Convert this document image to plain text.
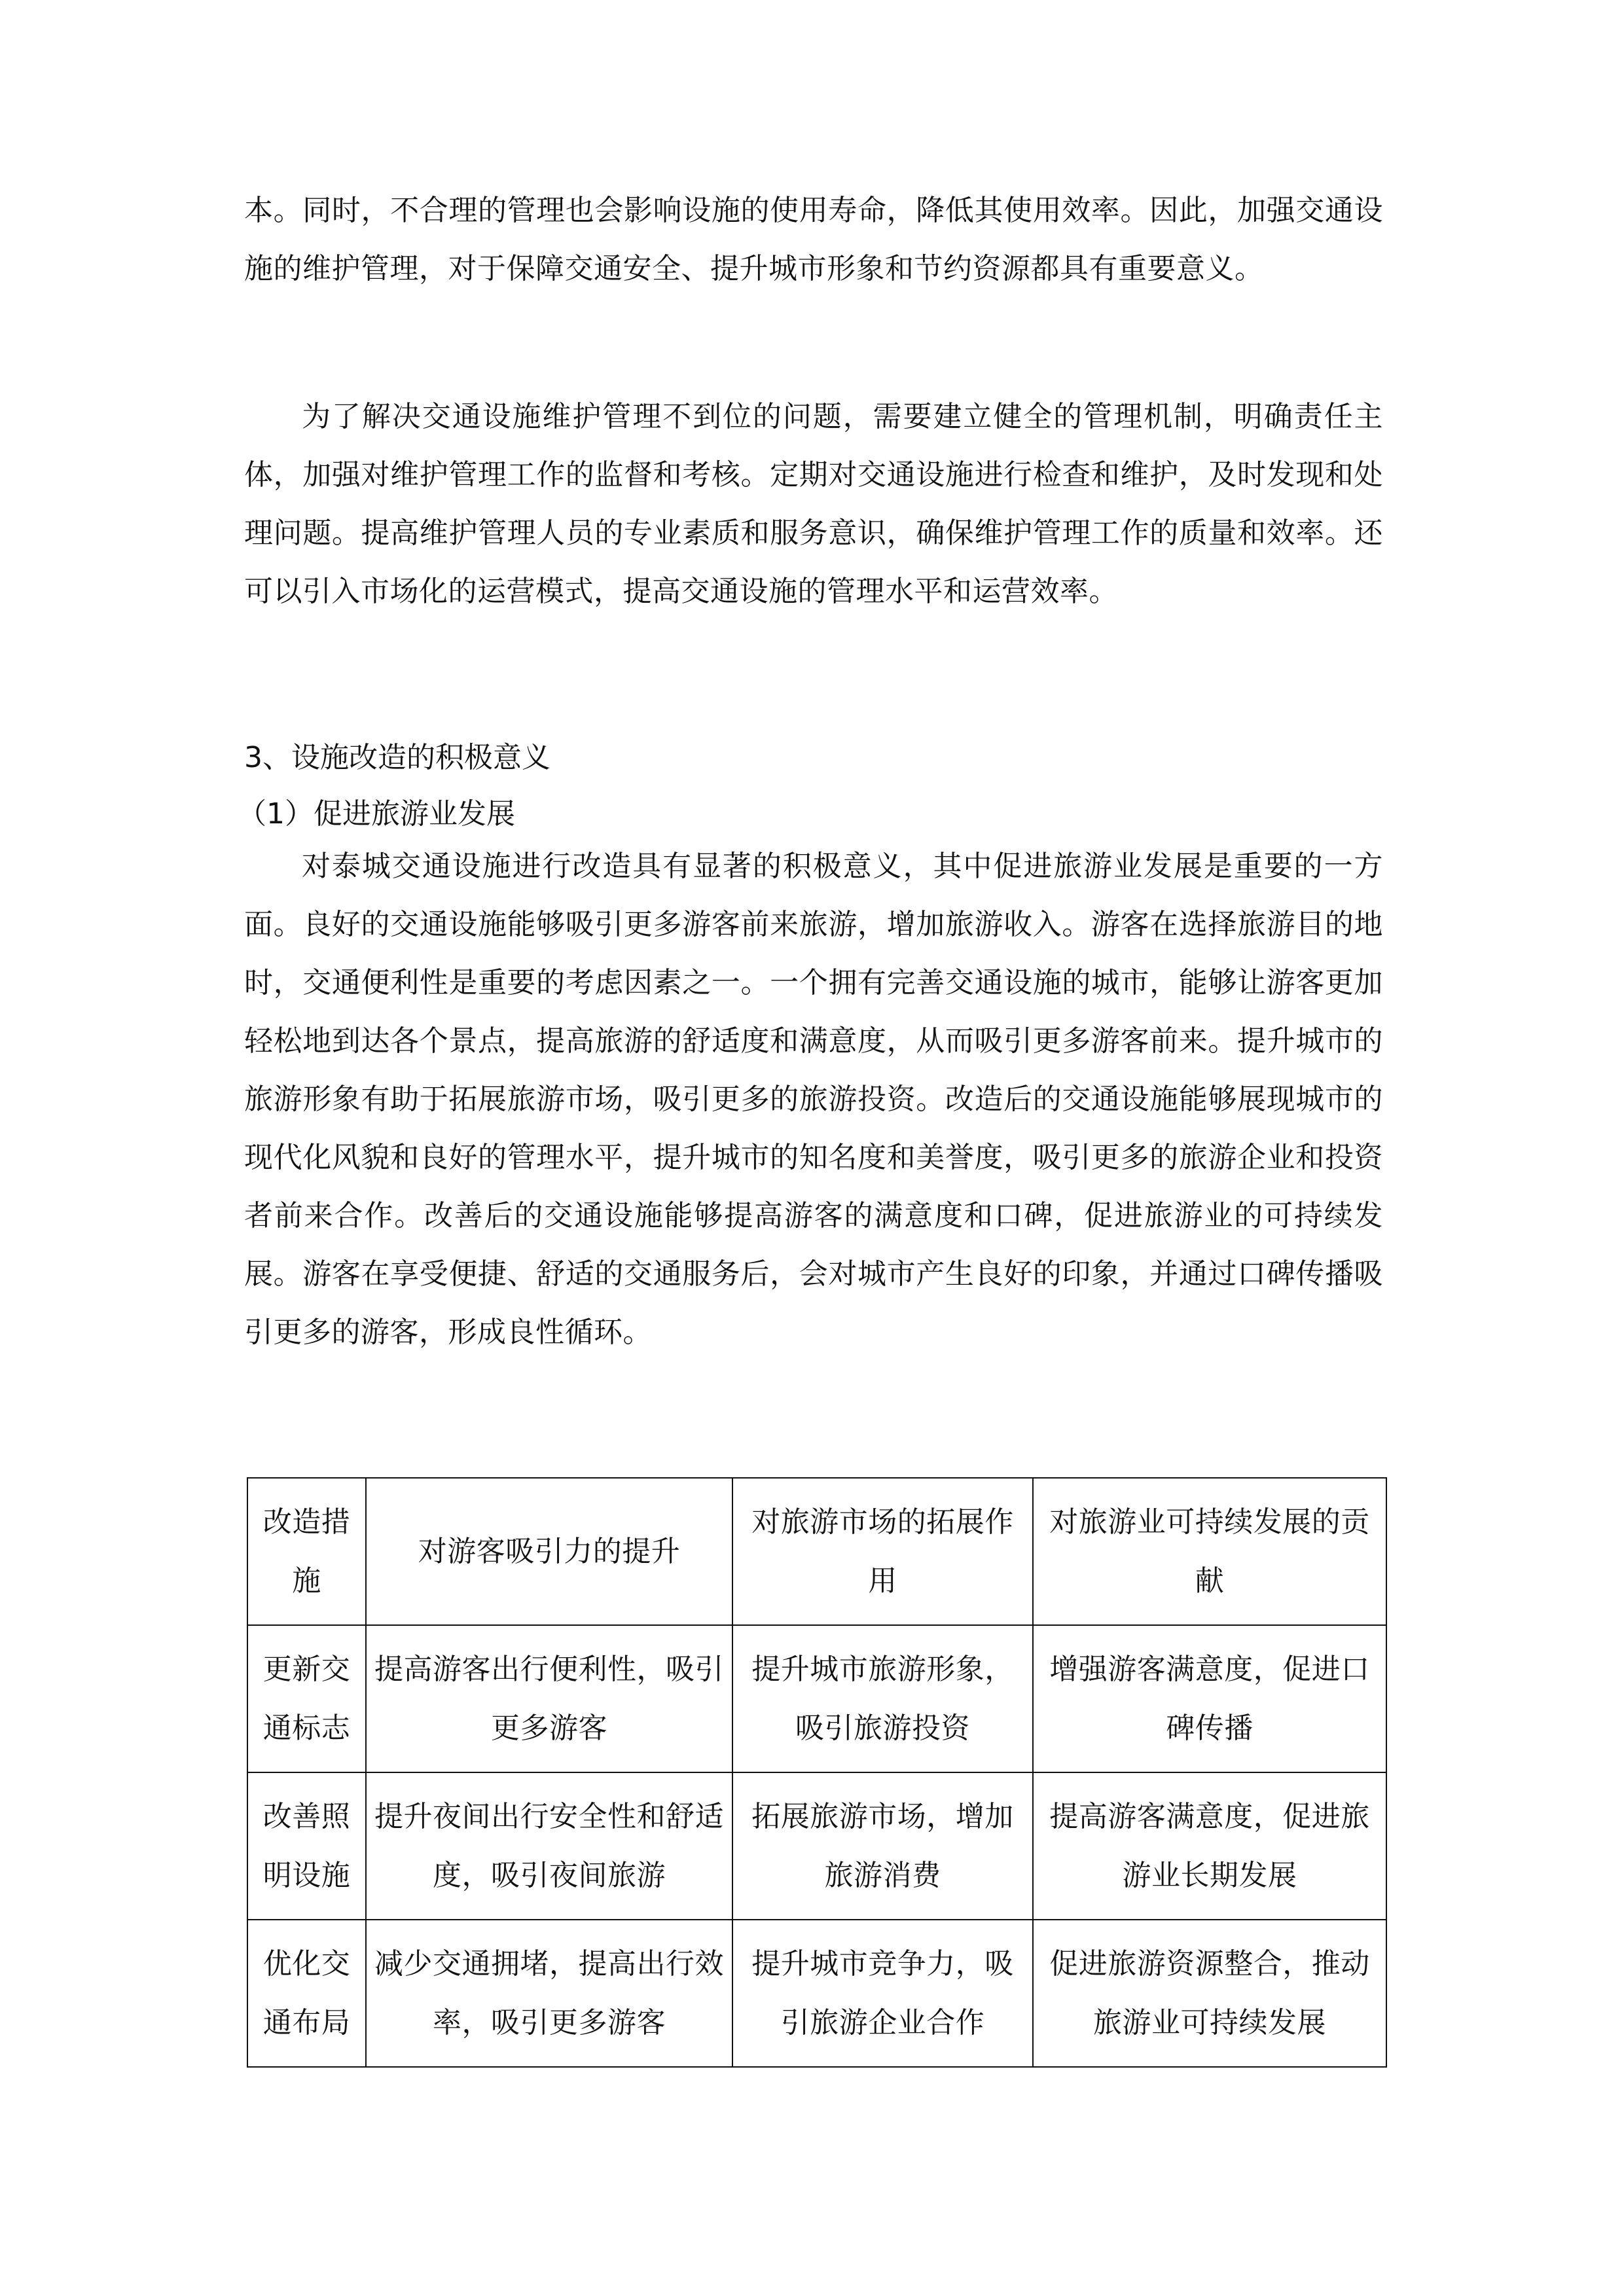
本。同时，不合理的管理也会影响设施的使用寿命，降低其使用效率。因此，加强交通设施的维护管理，对于保障交通安全、提升城市形象和节约资源都具有重要意义。

为了解决交通设施维护管理不到位的问题，需要建立健全的管理机制，明确责任主体，加强对维护管理工作的监督和考核。定期对交通设施进行检查和维护，及时发现和处理问题。提高维护管理人员的专业素质和服务意识，确保维护管理工作的质量和效率。还可以引入市场化的运营模式，提高交通设施的管理水平和运营效率。

3、设施改造的积极意义

（1）促进旅游业发展

对泰城交通设施进行改造具有显著的积极意义，其中促进旅游业发展是重要的一方面。良好的交通设施能够吸引更多游客前来旅游，增加旅游收入。游客在选择旅游目的地时，交通便利性是重要的考虑因素之一。一个拥有完善交通设施的城市，能够让游客更加轻松地到达各个景点，提高旅游的舒适度和满意度，从而吸引更多游客前来。提升城市的旅游形象有助于拓展旅游市场，吸引更多的旅游投资。改造后的交通设施能够展现城市的现代化风貌和良好的管理水平，提升城市的知名度和美誉度，吸引更多的旅游企业和投资者前来合作。改善后的交通设施能够提高游客的满意度和口碑，促进旅游业的可持续发展。游客在享受便捷、舒适的交通服务后，会对城市产生良好的印象，并通过口碑传播吸引更多的游客，形成良性循环。

改造措施	对游客吸引力的提升	对旅游市场的拓展作用	对旅游业可持续发展的贡献
更新交通标志	提高游客出行便利性，吸引更多游客	提升城市旅游形象，吸引旅游投资	增强游客满意度，促进口碑传播
改善照明设施	提升夜间出行安全性和舒适度，吸引夜间旅游	拓展旅游市场，增加旅游消费	提高游客满意度，促进旅游业长期发展
优化交通布局	减少交通拥堵，提高出行效率，吸引更多游客	提升城市竞争力，吸引旅游企业合作	促进旅游资源整合，推动旅游业可持续发展
